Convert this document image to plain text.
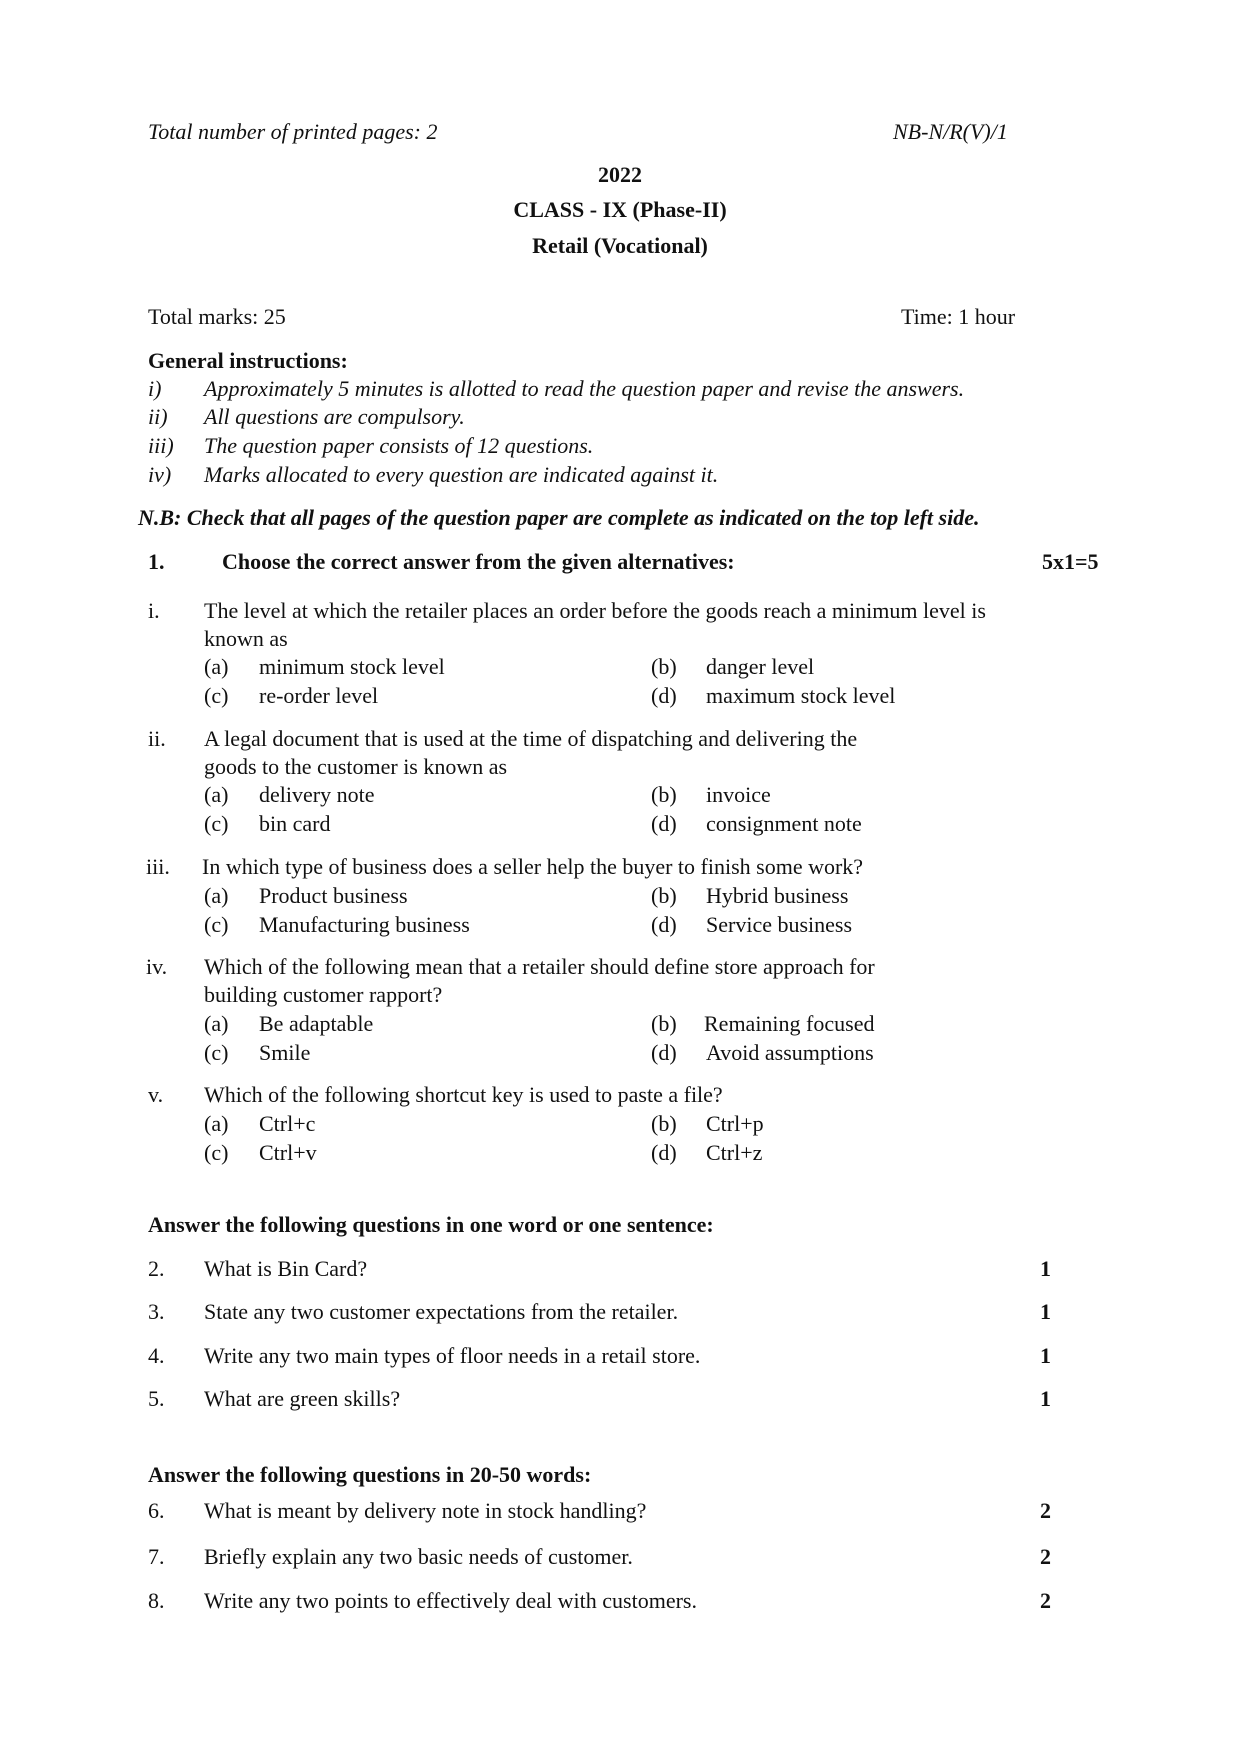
Total number of printed pages: 2	NB-N/R(V)/1
2022
CLASS - IX (Phase-II)
Retail (Vocational)
Total marks: 25	Time: 1 hour
General instructions:
i) Approximately 5 minutes is allotted to read the question paper and revise the answers.
ii) All questions are compulsory.
iii) The question paper consists of 12 questions.
iv) Marks allocated to every question are indicated against it.
N.B: Check that all pages of the question paper are complete as indicated on the top left side.
1.	Choose the correct answer from the given alternatives:	5x1=5
i. The level at which the retailer places an order before the goods reach a minimum level is
known as
(a) minimum stock level	(b) danger level
(c) re-order level	(d) maximum stock level
ii. A legal document that is used at the time of dispatching and delivering the
goods to the customer is known as
(a) delivery note	(b) invoice
(c) bin card	(d) consignment note
iii. In which type of business does a seller help the buyer to finish some work?
(a) Product business	(b) Hybrid business
(c) Manufacturing business	(d) Service business
iv. Which of the following mean that a retailer should define store approach for
building customer rapport?
(a) Be adaptable	(b) Remaining focused
(c) Smile	(d) Avoid assumptions
v. Which of the following shortcut key is used to paste a file?
(a) Ctrl+c	(b) Ctrl+p
(c) Ctrl+v	(d) Ctrl+z
Answer the following questions in one word or one sentence:
2. What is Bin Card?	1
3. State any two customer expectations from the retailer.	1
4. Write any two main types of floor needs in a retail store.	1
5. What are green skills?	1
Answer the following questions in 20-50 words:
6. What is meant by delivery note in stock handling?	2
7. Briefly explain any two basic needs of customer.	2
8. Write any two points to effectively deal with customers.	2
